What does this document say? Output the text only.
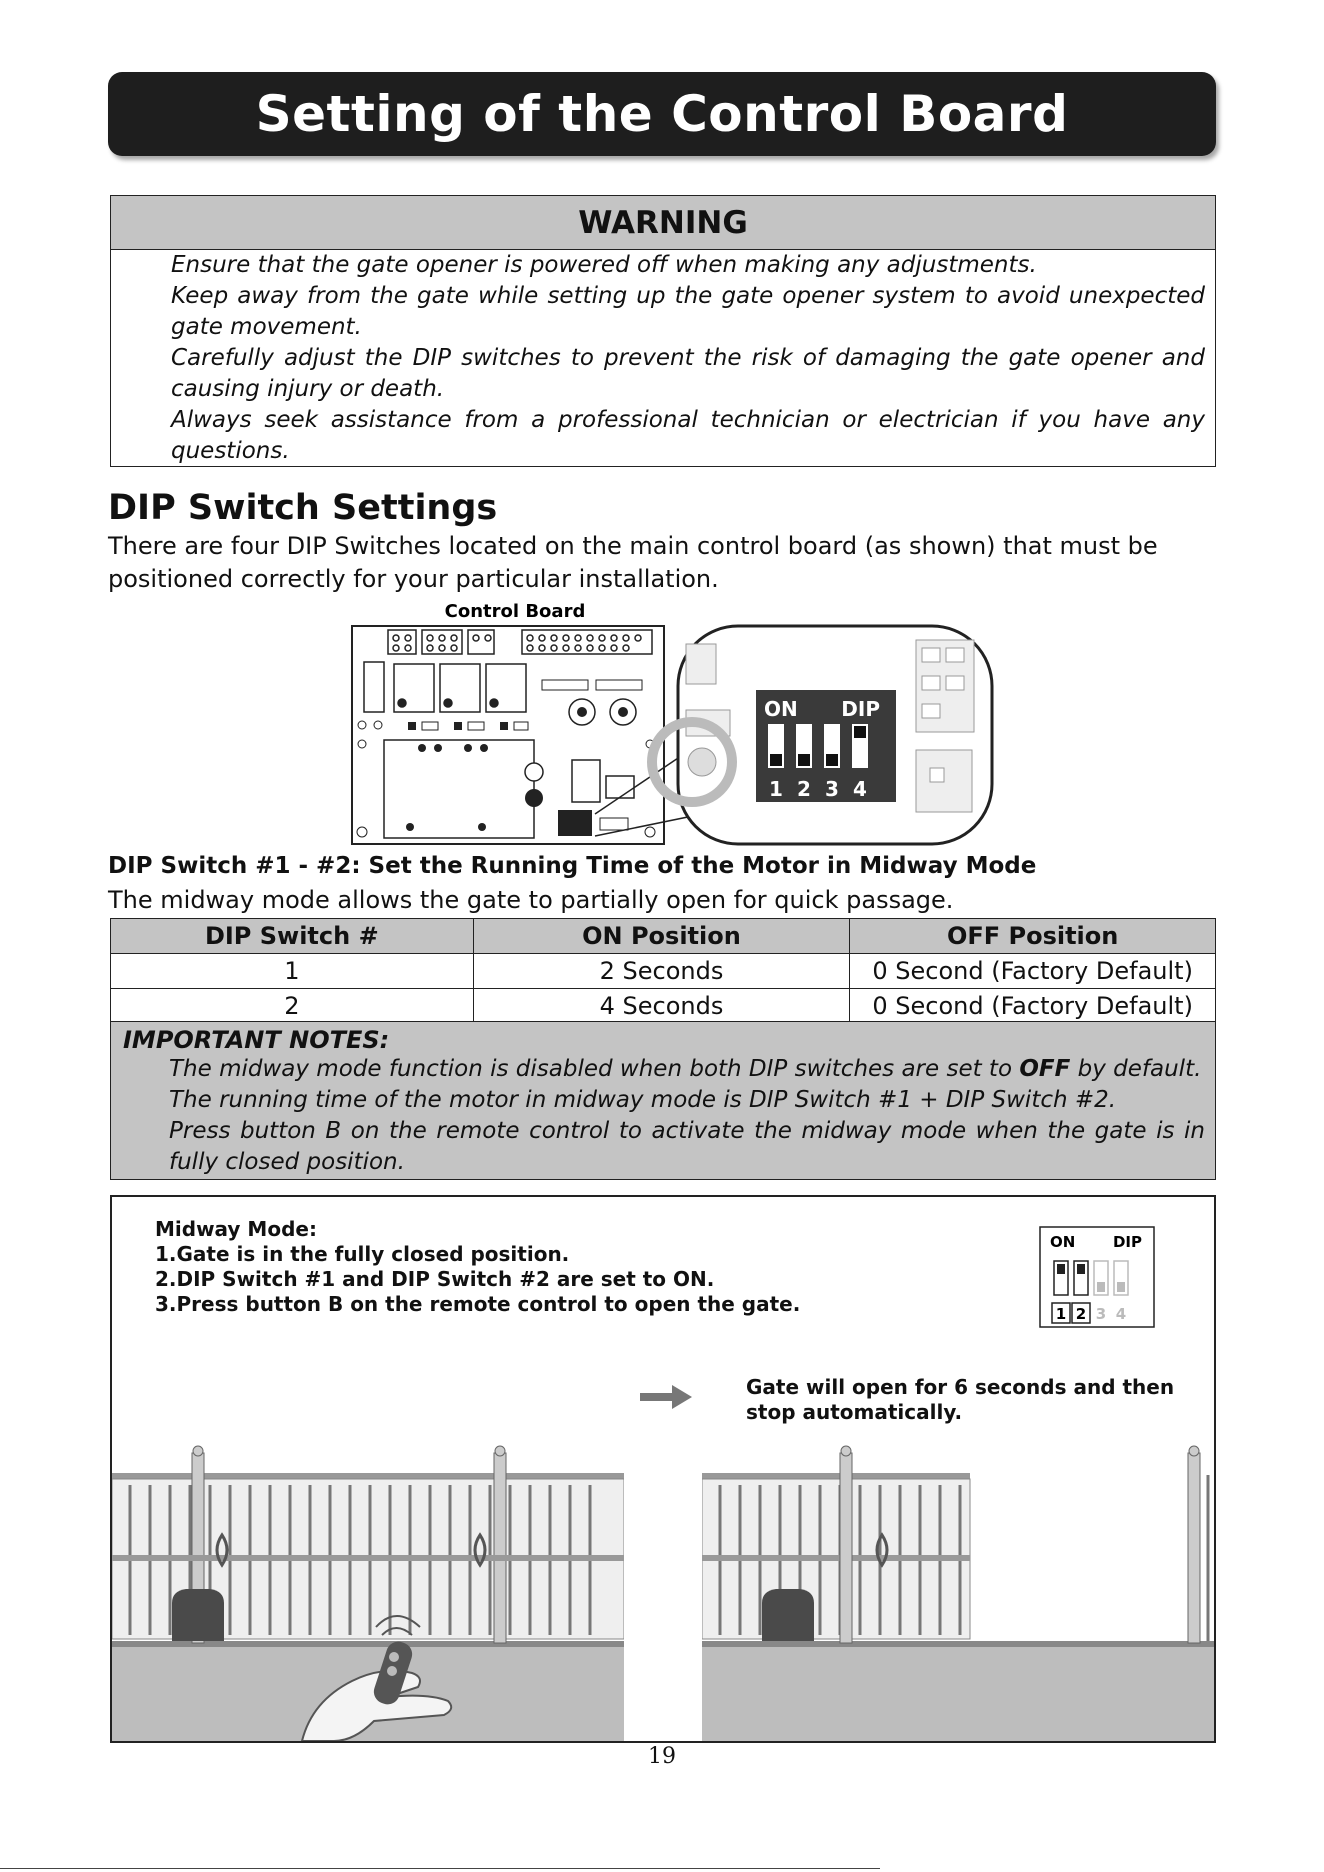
Setting of the Control Board
WARNING
Ensure that the gate opener is powered off when making any adjustments.
Keep away from the gate while setting up the gate opener system to avoid unexpected gate movement.
Carefully adjust the DIP switches to prevent the risk of damaging the gate opener and causing injury or death.
Always seek assistance from a professional technician or electrician if you have any questions.
DIP Switch Settings
There are four DIP Switches located on the main control board (as shown) that must be positioned correctly for your particular installation.
Control Board
ON DIP
1 2 3 4
DIP Switch #1 - #2: Set the Running Time of the Motor in Midway Mode
The midway mode allows the gate to partially open for quick passage.
DIP Switch #	ON Position	OFF Position
1	2 Seconds	0 Second (Factory Default)
2	4 Seconds	0 Second (Factory Default)
IMPORTANT NOTES:
The midway mode function is disabled when both DIP switches are set to OFF by default.
The running time of the motor in midway mode is DIP Switch #1 + DIP Switch #2.
Press button B on the remote control to activate the midway mode when the gate is in fully closed position.
Midway Mode:
1.Gate is in the fully closed position.
2.DIP Switch #1 and DIP Switch #2 are set to ON.
3.Press button B on the remote control to open the gate.
Gate will open for 6 seconds and then
stop automatically.
ON	DIP
1 2 3 4
19
